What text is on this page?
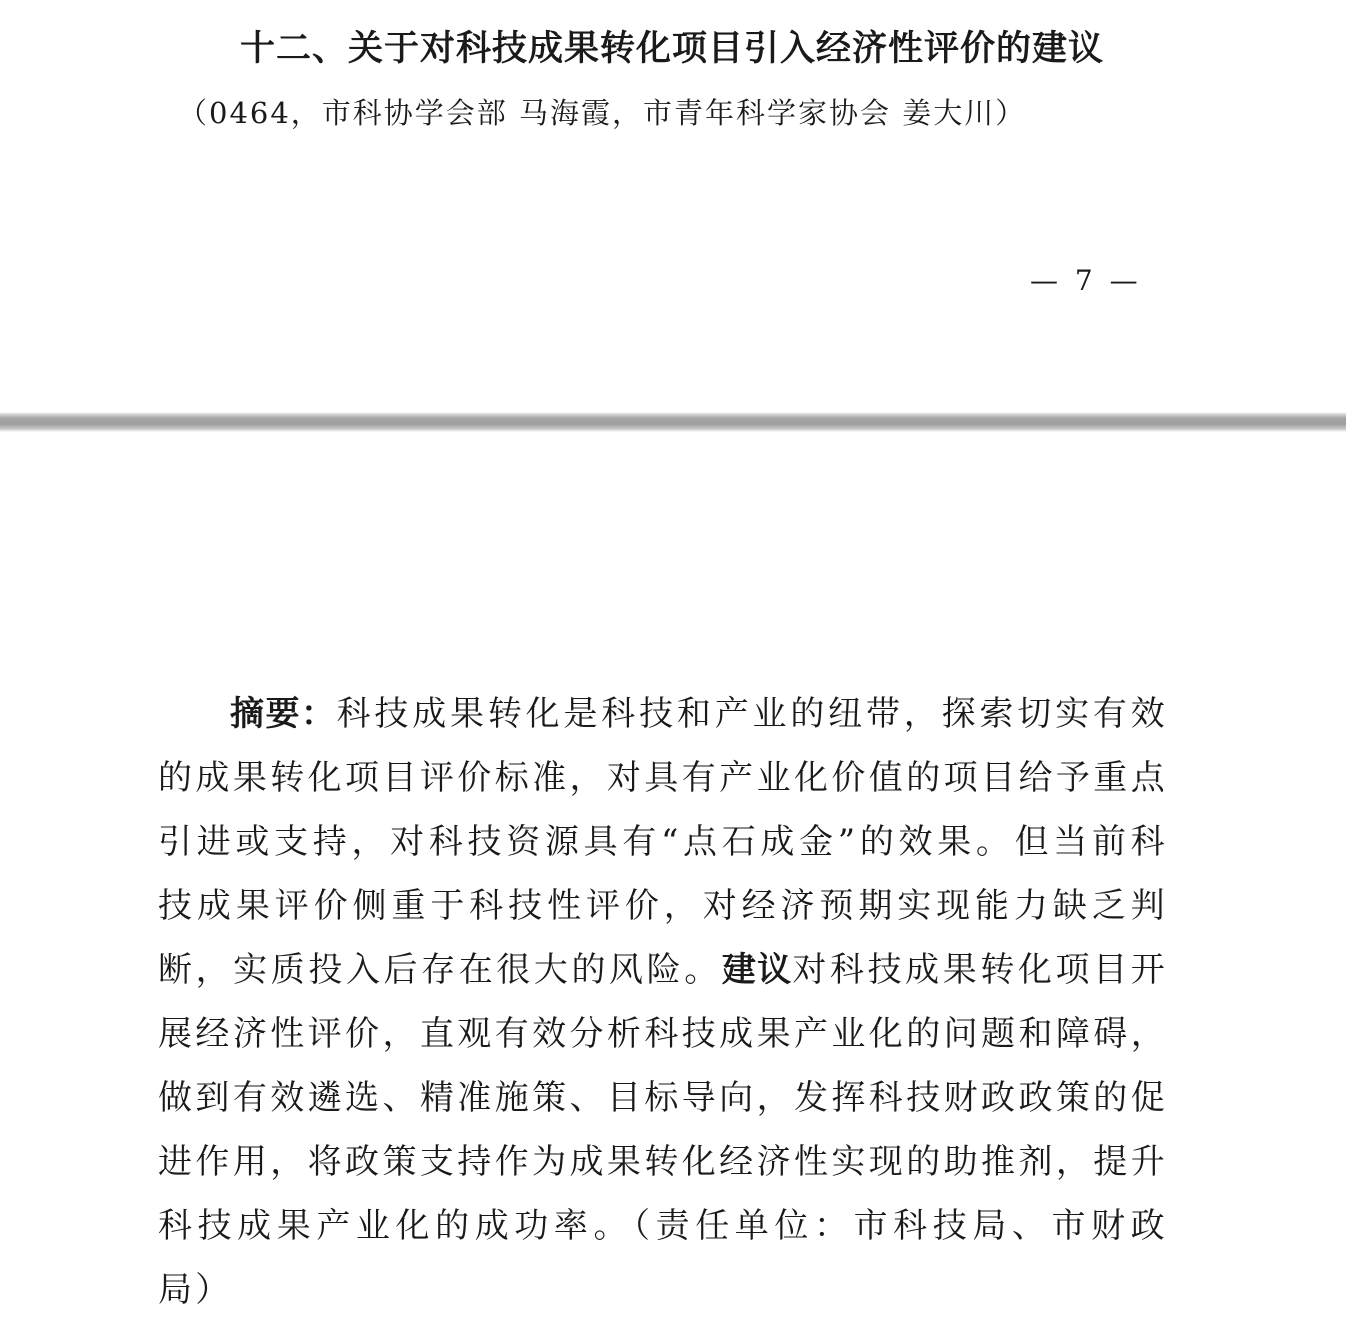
十二、关于对科技成果转化项目引入经济性评价的建议
（0464，市科协学会部 马海霞，市青年科学家协会 姜大川）
— 7 —

摘要：科技成果转化是科技和产业的纽带，探索切实有效的成果转化项目评价标准，对具有产业化价值的项目给予重点引进或支持，对科技资源具有“点石成金”的效果。但当前科技成果评价侧重于科技性评价，对经济预期实现能力缺乏判断，实质投入后存在很大的风险。建议对科技成果转化项目开展经济性评价，直观有效分析科技成果产业化的问题和障碍，做到有效遴选、精准施策、目标导向，发挥科技财政政策的促进作用，将政策支持作为成果转化经济性实现的助推剂，提升科技成果产业化的成功率。（责任单位：市科技局、市财政局）
